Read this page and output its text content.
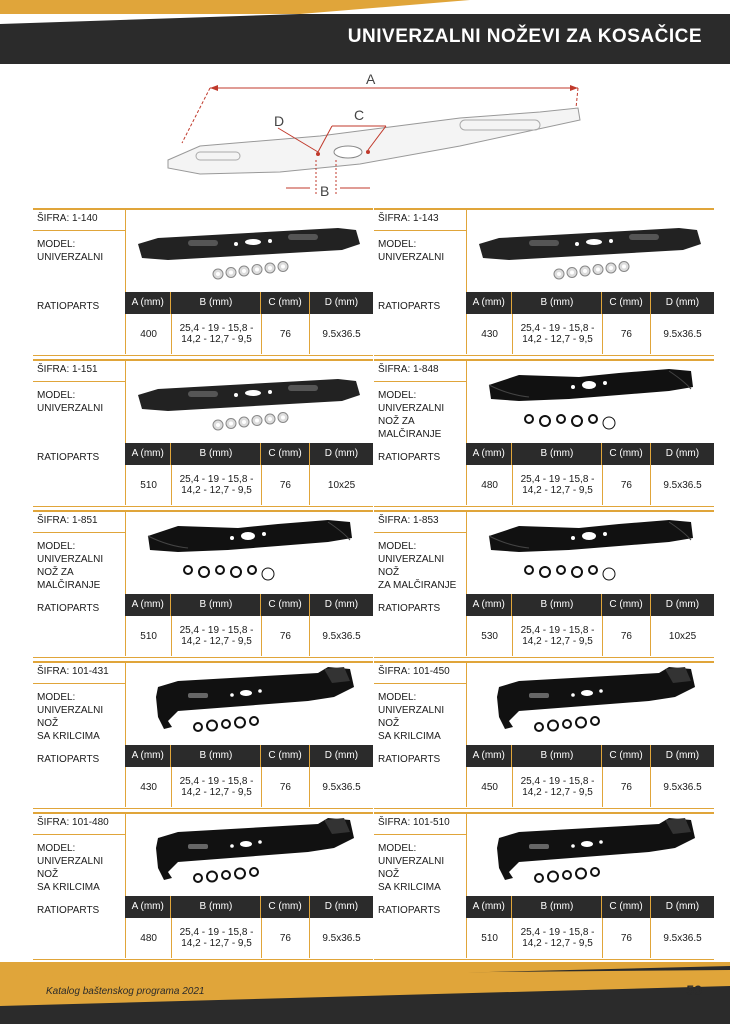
UNIVERZALNI NOŽEVI ZA KOSAČICE
A
C
D
B
ŠIFRA: 1-140
MODEL:
UNIVERZALNI
RATIOPARTS	A (mm)	B (mm)	C (mm)	D (mm)
400	25,4 - 19 - 15,8 -
14,2 - 12,7 - 9,5	76	9.5x36.5
ŠIFRA: 1-143
MODEL:
UNIVERZALNI
RATIOPARTS	A (mm)	B (mm)	C (mm)	D (mm)
430	25,4 - 19 - 15,8 -
14,2 - 12,7 - 9,5	76	9.5x36.5
ŠIFRA: 1-151
MODEL:
UNIVERZALNI
RATIOPARTS	A (mm)	B (mm)	C (mm)	D (mm)
510	25,4 - 19 - 15,8 -
14,2 - 12,7 - 9,5	76	10x25
ŠIFRA: 1-848
MODEL:
UNIVERZALNI
NOŽ ZA
MALČIRANJE
RATIOPARTS	A (mm)	B (mm)	C (mm)	D (mm)
480	25,4 - 19 - 15,8 -
14,2 - 12,7 - 9,5	76	9.5x36.5
ŠIFRA: 1-851
MODEL:
UNIVERZALNI
NOŽ ZA
MALČIRANJE
RATIOPARTS	A (mm)	B (mm)	C (mm)	D (mm)
510	25,4 - 19 - 15,8 -
14,2 - 12,7 - 9,5	76	9.5x36.5
ŠIFRA: 1-853
MODEL:
UNIVERZALNI
NOŽ
ZA MALČIRANJE
RATIOPARTS	A (mm)	B (mm)	C (mm)	D (mm)
530	25,4 - 19 - 15,8 -
14,2 - 12,7 - 9,5	76	10x25
ŠIFRA: 101-431
MODEL:
UNIVERZALNI
NOŽ
SA KRILCIMA
RATIOPARTS	A (mm)	B (mm)	C (mm)	D (mm)
430	25,4 - 19 - 15,8 -
14,2 - 12,7 - 9,5	76	9.5x36.5
ŠIFRA: 101-450
MODEL:
UNIVERZALNI
NOŽ
SA KRILCIMA
RATIOPARTS	A (mm)	B (mm)	C (mm)	D (mm)
450	25,4 - 19 - 15,8 -
14,2 - 12,7 - 9,5	76	9.5x36.5
ŠIFRA: 101-480
MODEL:
UNIVERZALNI
NOŽ
SA KRILCIMA
RATIOPARTS	A (mm)	B (mm)	C (mm)	D (mm)
480	25,4 - 19 - 15,8 -
14,2 - 12,7 - 9,5	76	9.5x36.5
ŠIFRA: 101-510
MODEL:
UNIVERZALNI
NOŽ
SA KRILCIMA
RATIOPARTS	A (mm)	B (mm)	C (mm)	D (mm)
510	25,4 - 19 - 15,8 -
14,2 - 12,7 - 9,5	76	9.5x36.5
Katalog baštenskog programa 2021	59
